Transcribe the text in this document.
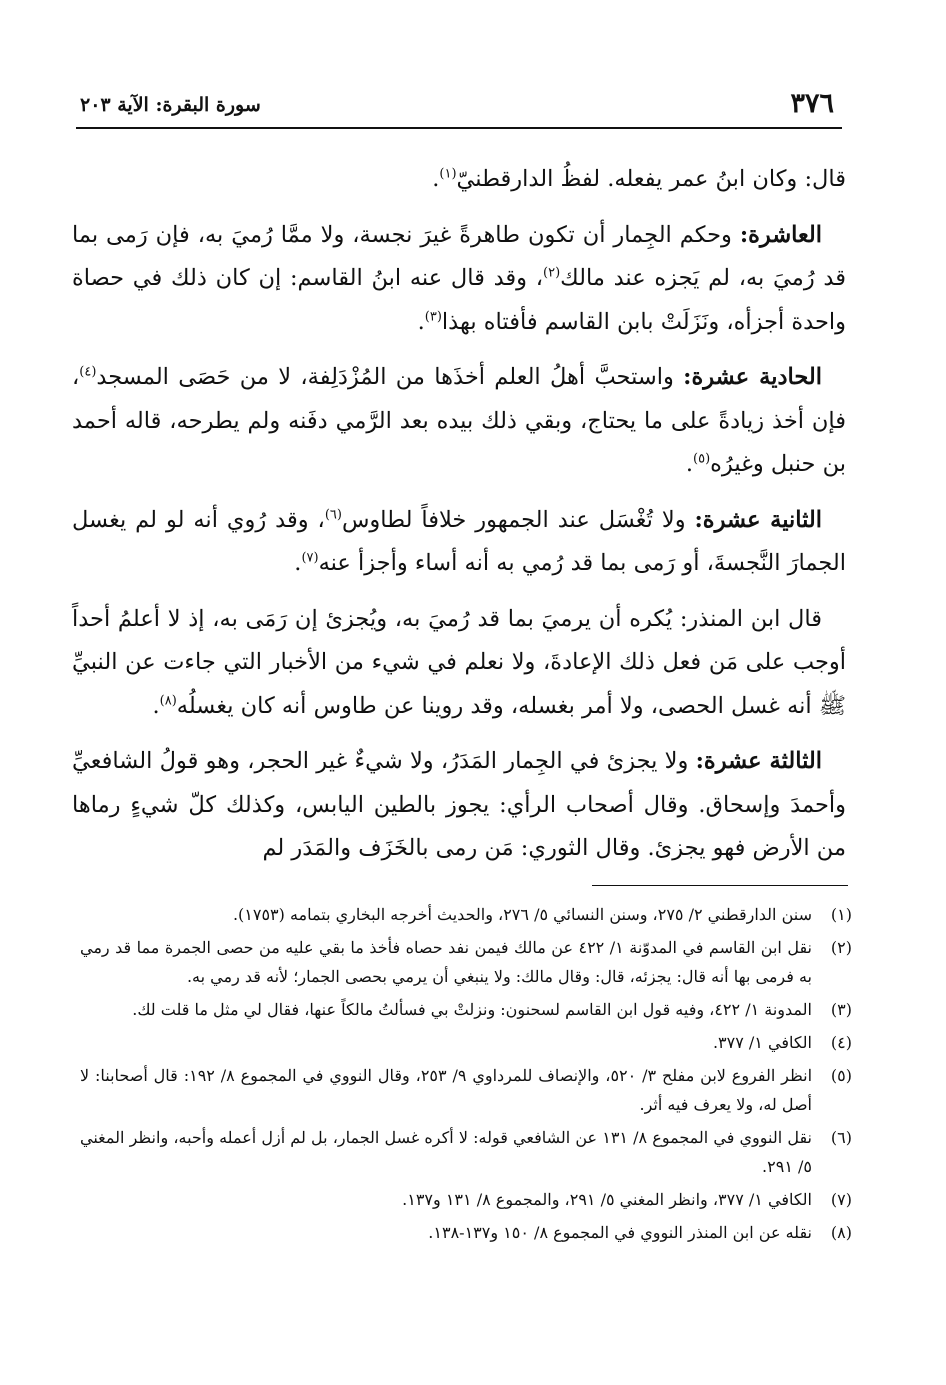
٣٧٦
سورة البقرة: الآية ٢٠٣

قال: وكان ابنُ عمر يفعله. لفظُ الدارقطنيّ$^{(١)}$.

العاشرة: وحكم الجِمار أن تكون طاهرةً غيرَ نجسة، ولا ممَّا رُميَ به، فإن رَمى بما قد رُميَ به، لم يَجزه عند مالك$^{(٢)}$، وقد قال عنه ابنُ القاسم: إن كان ذلك في حصاة واحدة أجزأه، ونَزَلَتْ بابن القاسم فأفتاه بهذا$^{(٣)}$.

الحادية عشرة: واستحبَّ أهلُ العلم أخذَها من المُزْدَلِفة، لا من حَصَى المسجد$^{(٤)}$، فإن أخذ زيادةً على ما يحتاج، وبقي ذلك بيده بعد الرَّمي دفَنه ولم يطرحه، قاله أحمد بن حنبل وغيرُه$^{(٥)}$.

الثانية عشرة: ولا تُغْسَل عند الجمهور خلافاً لطاوس$^{(٦)}$، وقد رُوي أنه لو لم يغسل الجمارَ النَّجسةَ، أو رَمى بما قد رُمي به أنه أساء وأجزأ عنه$^{(٧)}$.

قال ابن المنذر: يُكره أن يرميَ بما قد رُميَ به، ويُجزئ إن رَمَى به، إذ لا أعلمُ أحداً أوجب على مَن فعل ذلك الإعادةَ، ولا نعلم في شيء من الأخبار التي جاءت عن النبيِّ ﷺ أنه غسل الحصى، ولا أمر بغسله، وقد روينا عن طاوس أنه كان يغسلُه$^{(٨)}$.

الثالثة عشرة: ولا يجزئ في الجِمار المَدَرُ، ولا شيءٌ غير الحجر، وهو قولُ الشافعيِّ وأحمدَ وإسحاق. وقال أصحاب الرأي: يجوز بالطين اليابس، وكذلك كلّ شيءٍ رماها من الأرض فهو يجزئ. وقال الثوري: مَن رمى بالخَزَف والمَدَر لم

(١)
سنن الدارقطني ٢/ ٢٧٥، وسنن النسائي ٥/ ٢٧٦، والحديث أخرجه البخاري بتمامه (١٧٥٣).
(٢)
نقل ابن القاسم في المدوّنة ١/ ٤٢٢ عن مالك فيمن نفد حصاه فأخذ ما بقي عليه من حصى الجمرة مما قد رمي به فرمى بها أنه قال: يجزئه، قال: وقال مالك: ولا ينبغي أن يرمي بحصى الجمار؛ لأنه قد رمي به.
(٣)
المدونة ١/ ٤٢٢، وفيه قول ابن القاسم لسحنون: ونزلتْ بي فسألتُ مالكاً عنها، فقال لي مثل ما قلت لك.
(٤)
الكافي ١/ ٣٧٧.
(٥)
انظر الفروع لابن مفلح ٣/ ٥٢٠، والإنصاف للمرداوي ٩/ ٢٥٣، وقال النووي في المجموع ٨/ ١٩٢: قال أصحابنا: لا أصل له، ولا يعرف فيه أثر.
(٦)
نقل النووي في المجموع ٨/ ١٣١ عن الشافعي قوله: لا أكره غسل الجمار، بل لم أزل أعمله وأحبه، وانظر المغني ٥/ ٢٩١.
(٧)
الكافي ١/ ٣٧٧، وانظر المغني ٥/ ٢٩١، والمجموع ٨/ ١٣١ و١٣٧.
(٨)
نقله عن ابن المنذر النووي في المجموع ٨/ ١٥٠ و١٣٧-١٣٨.
